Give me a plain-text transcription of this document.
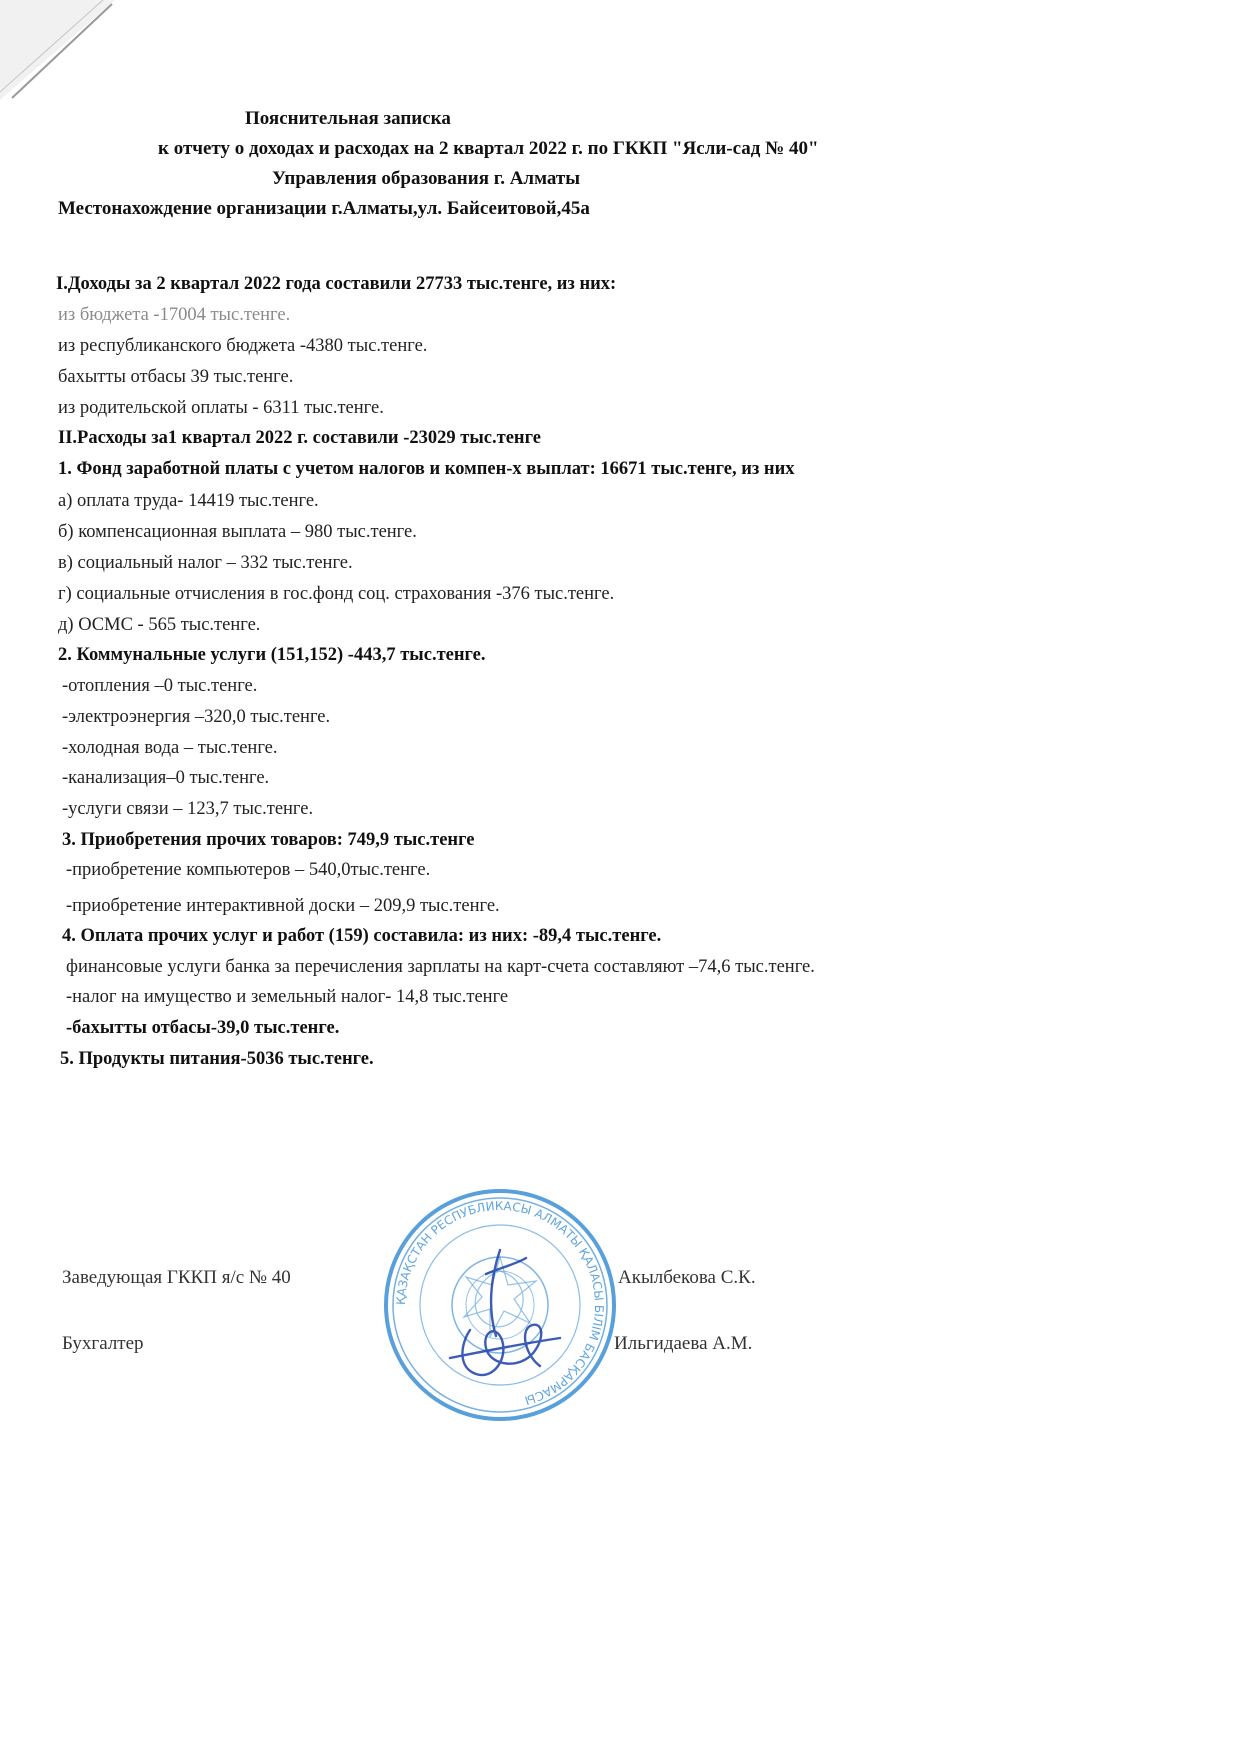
Пояснительная записка
к отчету о доходах и расходах на 2 квартал 2022 г. по ГККП "Ясли-сад № 40"
Управления образования г. Алматы
Местонахождение организации г.Алматы,ул. Байсеитовой,45а
I.Доходы за 2 квартал 2022 года составили 27733 тыс.тенге, из них:
из бюджета -17004 тыс.тенге.
из республиканского бюджета -4380 тыс.тенге.
бахытты отбасы 39 тыс.тенге.
из родительской оплаты - 6311 тыс.тенге.
II.Расходы за1 квартал 2022 г. составили -23029 тыс.тенге
1. Фонд заработной платы с учетом налогов и компен-х выплат: 16671 тыс.тенге, из них
а) оплата труда- 14419 тыс.тенге.
б) компенсационная выплата – 980 тыс.тенге.
в) социальный налог – 332 тыс.тенге.
г) социальные отчисления в гос.фонд соц. страхования -376 тыс.тенге.
д) ОСМС - 565 тыс.тенге.
2. Коммунальные услуги (151,152) -443,7 тыс.тенге.
-отопления –0 тыс.тенге.
-электроэнергия –320,0 тыс.тенге.
-холодная вода – тыс.тенге.
-канализация–0 тыс.тенге.
-услуги связи – 123,7 тыс.тенге.
3. Приобретения прочих товаров: 749,9 тыс.тенге
-приобретение компьютеров – 540,0тыс.тенге.
-приобретение интерактивной доски – 209,9 тыс.тенге.
4. Оплата прочих услуг и работ (159) составила: из них: -89,4 тыс.тенге.
финансовые услуги банка за перечисления зарплаты на карт-счета составляют –74,6 тыс.тенге.
-налог на имущество и земельный налог- 14,8 тыс.тенге
-бахытты отбасы-39,0 тыс.тенге.
5. Продукты питания-5036 тыс.тенге.
ҚАЗАҚСТАН РЕСПУБЛИКАСЫ АЛМАТЫ ҚАЛАСЫ БІЛІМ БАСҚАРМАСЫ
Заведующая ГККП я/с № 40	Акылбекова С.К.
Бухгалтер	Ильгидаева А.М.
